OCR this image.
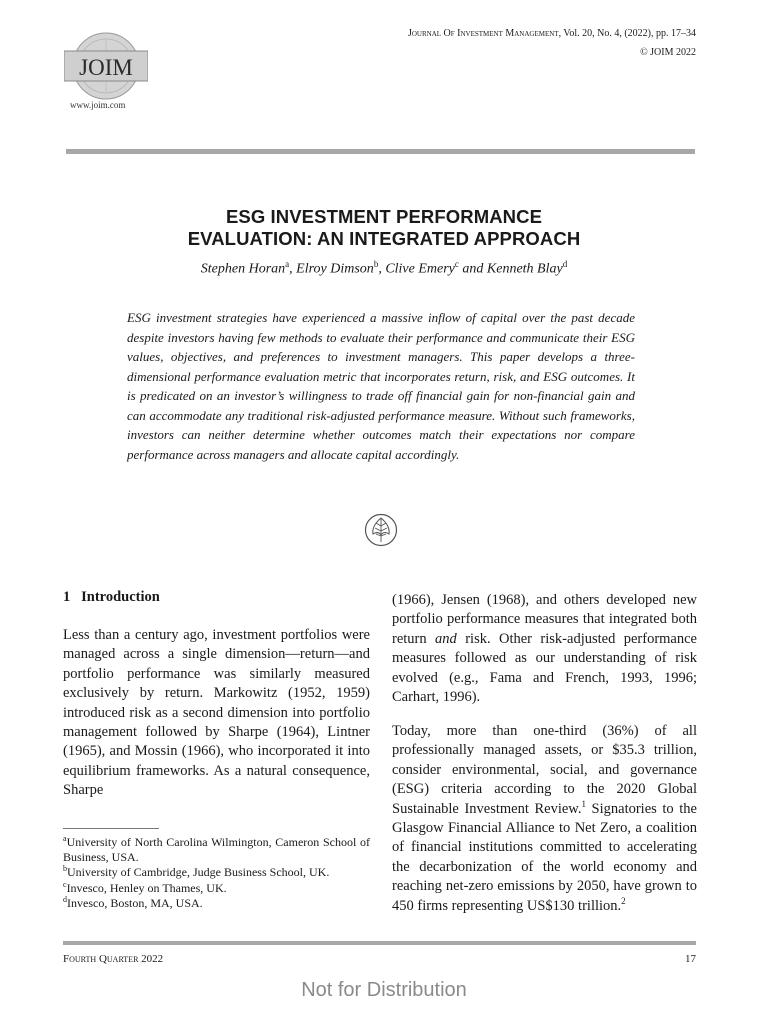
JOIM
www.joim.com
Journal Of Investment Management, Vol. 20, No. 4, (2022), pp. 17–34
© JOIM 2022
ESG INVESTMENT PERFORMANCE
EVALUATION: AN INTEGRATED APPROACH
Stephen Horan$^a$, Elroy Dimson$^b$, Clive Emery$^c$ and Kenneth Blay$^d$
ESG investment strategies have experienced a massive inflow of capital over the past decade despite investors having few methods to evaluate their performance and communicate their ESG values, objectives, and preferences to investment managers. This paper develops a three-dimensional performance evaluation metric that incorporates return, risk, and ESG outcomes. It is predicated on an investor’s willingness to trade off financial gain for non-financial gain and can accommodate any traditional risk-adjusted performance measure. Without such frameworks, investors can neither determine whether outcomes match their expectations nor compare performance across managers and allocate capital accordingly.
1 Introduction
Less than a century ago, investment portfolios were managed across a single dimension—return—and portfolio performance was similarly measured exclusively by return. Markowitz (1952, 1959) introduced risk as a second dimension into portfolio management followed by Sharpe (1964), Lintner (1965), and Mossin (1966), who incorporated it into equilibrium frameworks. As a natural consequence, Sharpe
(1966), Jensen (1968), and others developed new portfolio performance measures that integrated both return and risk. Other risk-adjusted performance measures followed as our understanding of risk evolved (e.g., Fama and French, 1993, 1996; Carhart, 1996).
Today, more than one-third (36%) of all professionally managed assets, or $35.3 trillion, consider environmental, social, and governance (ESG) criteria according to the 2020 Global Sustainable Investment Review.$^1$ Signatories to the Glasgow Financial Alliance to Net Zero, a coalition of financial institutions committed to accelerating the decarbonization of the world economy and reaching net-zero emissions by 2050, have grown to 450 firms representing US$130 trillion.$^2$
$^a$University of North Carolina Wilmington, Cameron School of Business, USA.
$^b$University of Cambridge, Judge Business School, UK.
$^c$Invesco, Henley on Thames, UK.
$^d$Invesco, Boston, MA, USA.
Fourth Quarter 2022	17
Not for Distribution
